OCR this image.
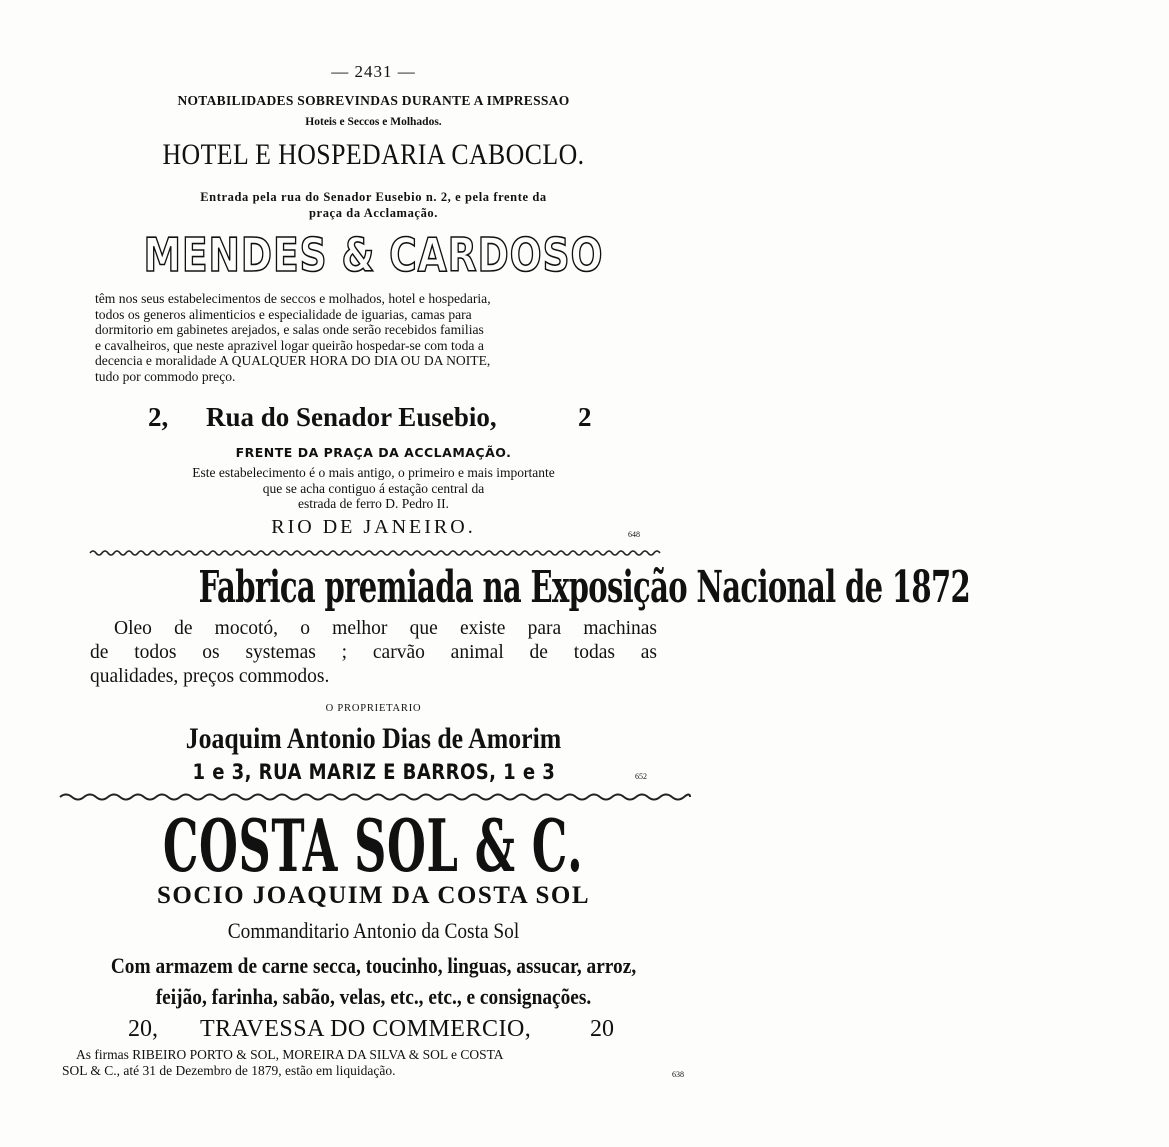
— 2431 —
NOTABILIDADES SOBREVINDAS DURANTE A IMPRESSAO
Hoteis e Seccos e Molhados.
HOTEL E HOSPEDARIA CABOCLO.
Entrada pela rua do Senador Eusebio n. 2, e pela frente da
praça da Acclamação.
MENDES & CARDOSO
têm nos seus estabelecimentos de seccos e molhados, hotel e hospedaria,
todos os generos alimenticios e especialidade de iguarias, camas para
dormitorio em gabinetes arejados, e salas onde serão recebidos familias
e cavalheiros, que neste aprazivel logar queirão hospedar-se com toda a
decencia e moralidade A QUALQUER HORA DO DIA OU DA NOITE,
tudo por commodo preço.
2, Rua do Senador Eusebio,	2
FRENTE DA PRAÇA DA ACCLAMAÇÃO.
Este estabelecimento é o mais antigo, o primeiro e mais importante
que se acha contiguo á estação central da
estrada de ferro D. Pedro II.
RIO DE JANEIRO.	648
Fabrica premiada na Exposição Nacional de 1872
Oleo de mocotó, o melhor que existe para machinas
de todos os systemas ; carvão animal de todas as
qualidades, preços commodos.
O PROPRIETARIO
Joaquim Antonio Dias de Amorim
1 e 3, RUA MARIZ E BARROS, 1 e 3	652
COSTA SOL & C.
SOCIO JOAQUIM DA COSTA SOL
Commanditario Antonio da Costa Sol
Com armazem de carne secca, toucinho, linguas, assucar, arroz,
feijão, farinha, sabão, velas, etc., etc., e consignações.
20, TRAVESSA DO COMMERCIO, 20
As firmas RIBEIRO PORTO & SOL, MOREIRA DA SILVA & SOL e COSTA
SOL & C., até 31 de Dezembro de 1879, estão em liquidação.	638
